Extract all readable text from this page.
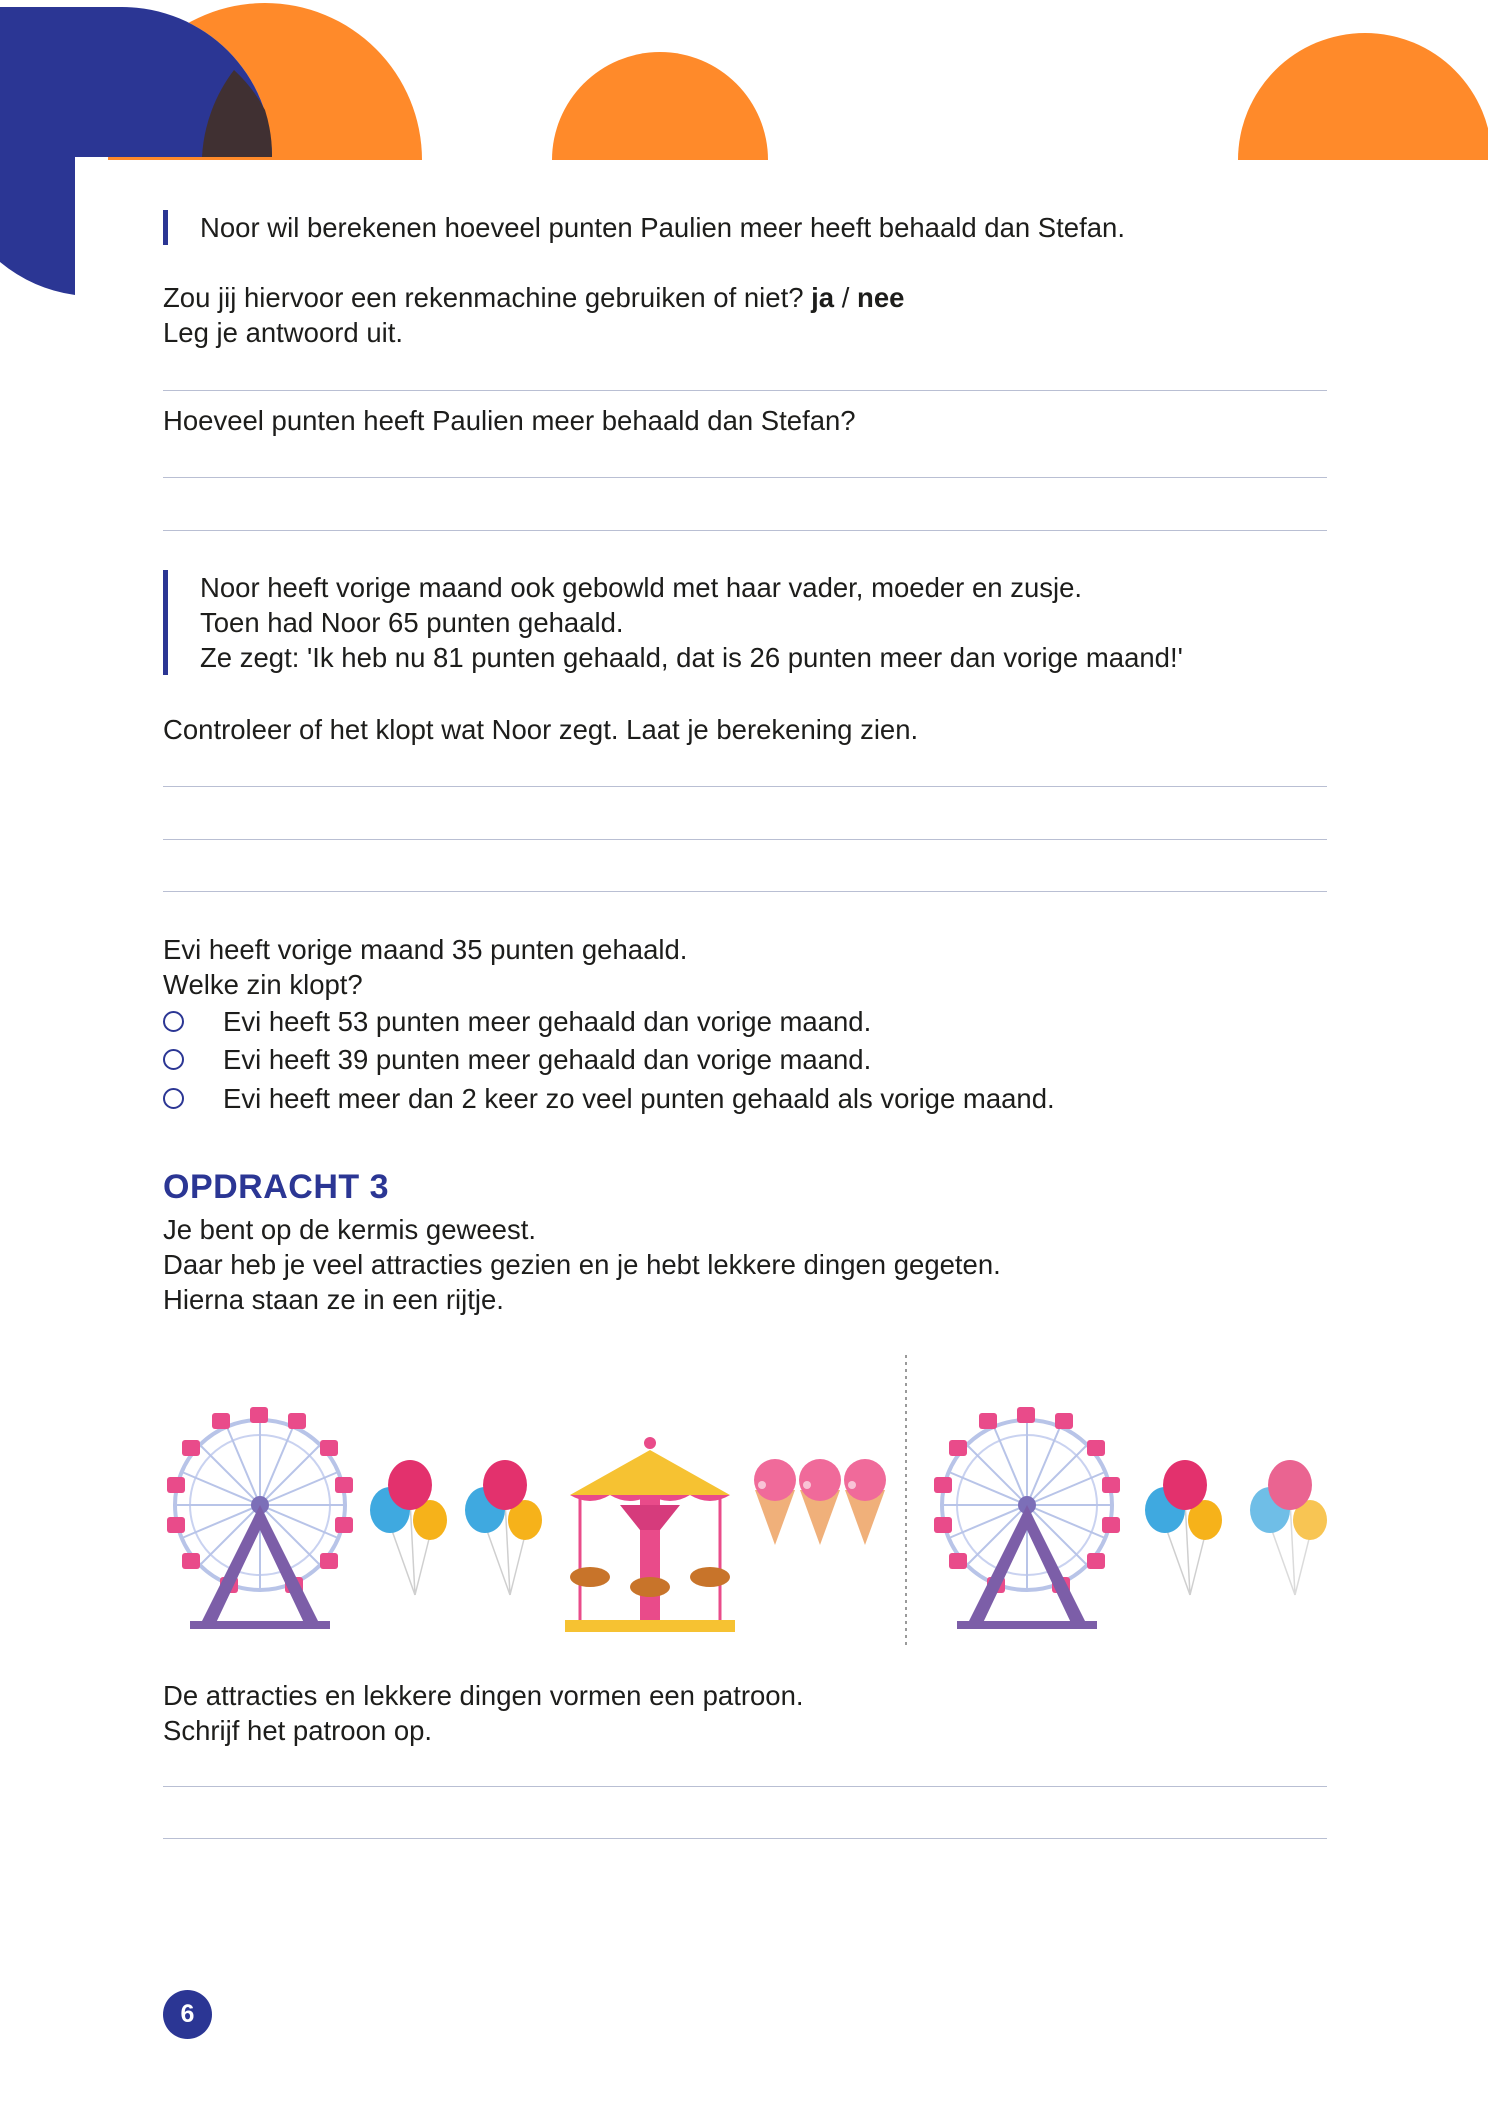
Noor wil berekenen hoeveel punten Paulien meer heeft behaald dan Stefan.

Zou jij hiervoor een rekenmachine gebruiken of niet? ja / nee

Leg je antwoord uit.

Hoeveel punten heeft Paulien meer behaald dan Stefan?

Noor heeft vorige maand ook gebowld met haar vader, moeder en zusje.

Toen had Noor 65 punten gehaald.

Ze zegt: 'Ik heb nu 81 punten gehaald, dat is 26 punten meer dan vorige maand!'

Controleer of het klopt wat Noor zegt. Laat je berekening zien.

Evi heeft vorige maand 35 punten gehaald.

Welke zin klopt?

Evi heeft 53 punten meer gehaald dan vorige maand.
Evi heeft 39 punten meer gehaald dan vorige maand.
Evi heeft meer dan 2 keer zo veel punten gehaald als vorige maand.
OPDRACHT 3

Je bent op de kermis geweest.

Daar heb je veel attracties gezien en je hebt lekkere dingen gegeten.

Hierna staan ze in een rijtje.

De attracties en lekkere dingen vormen een patroon.

Schrijf het patroon op.

6
